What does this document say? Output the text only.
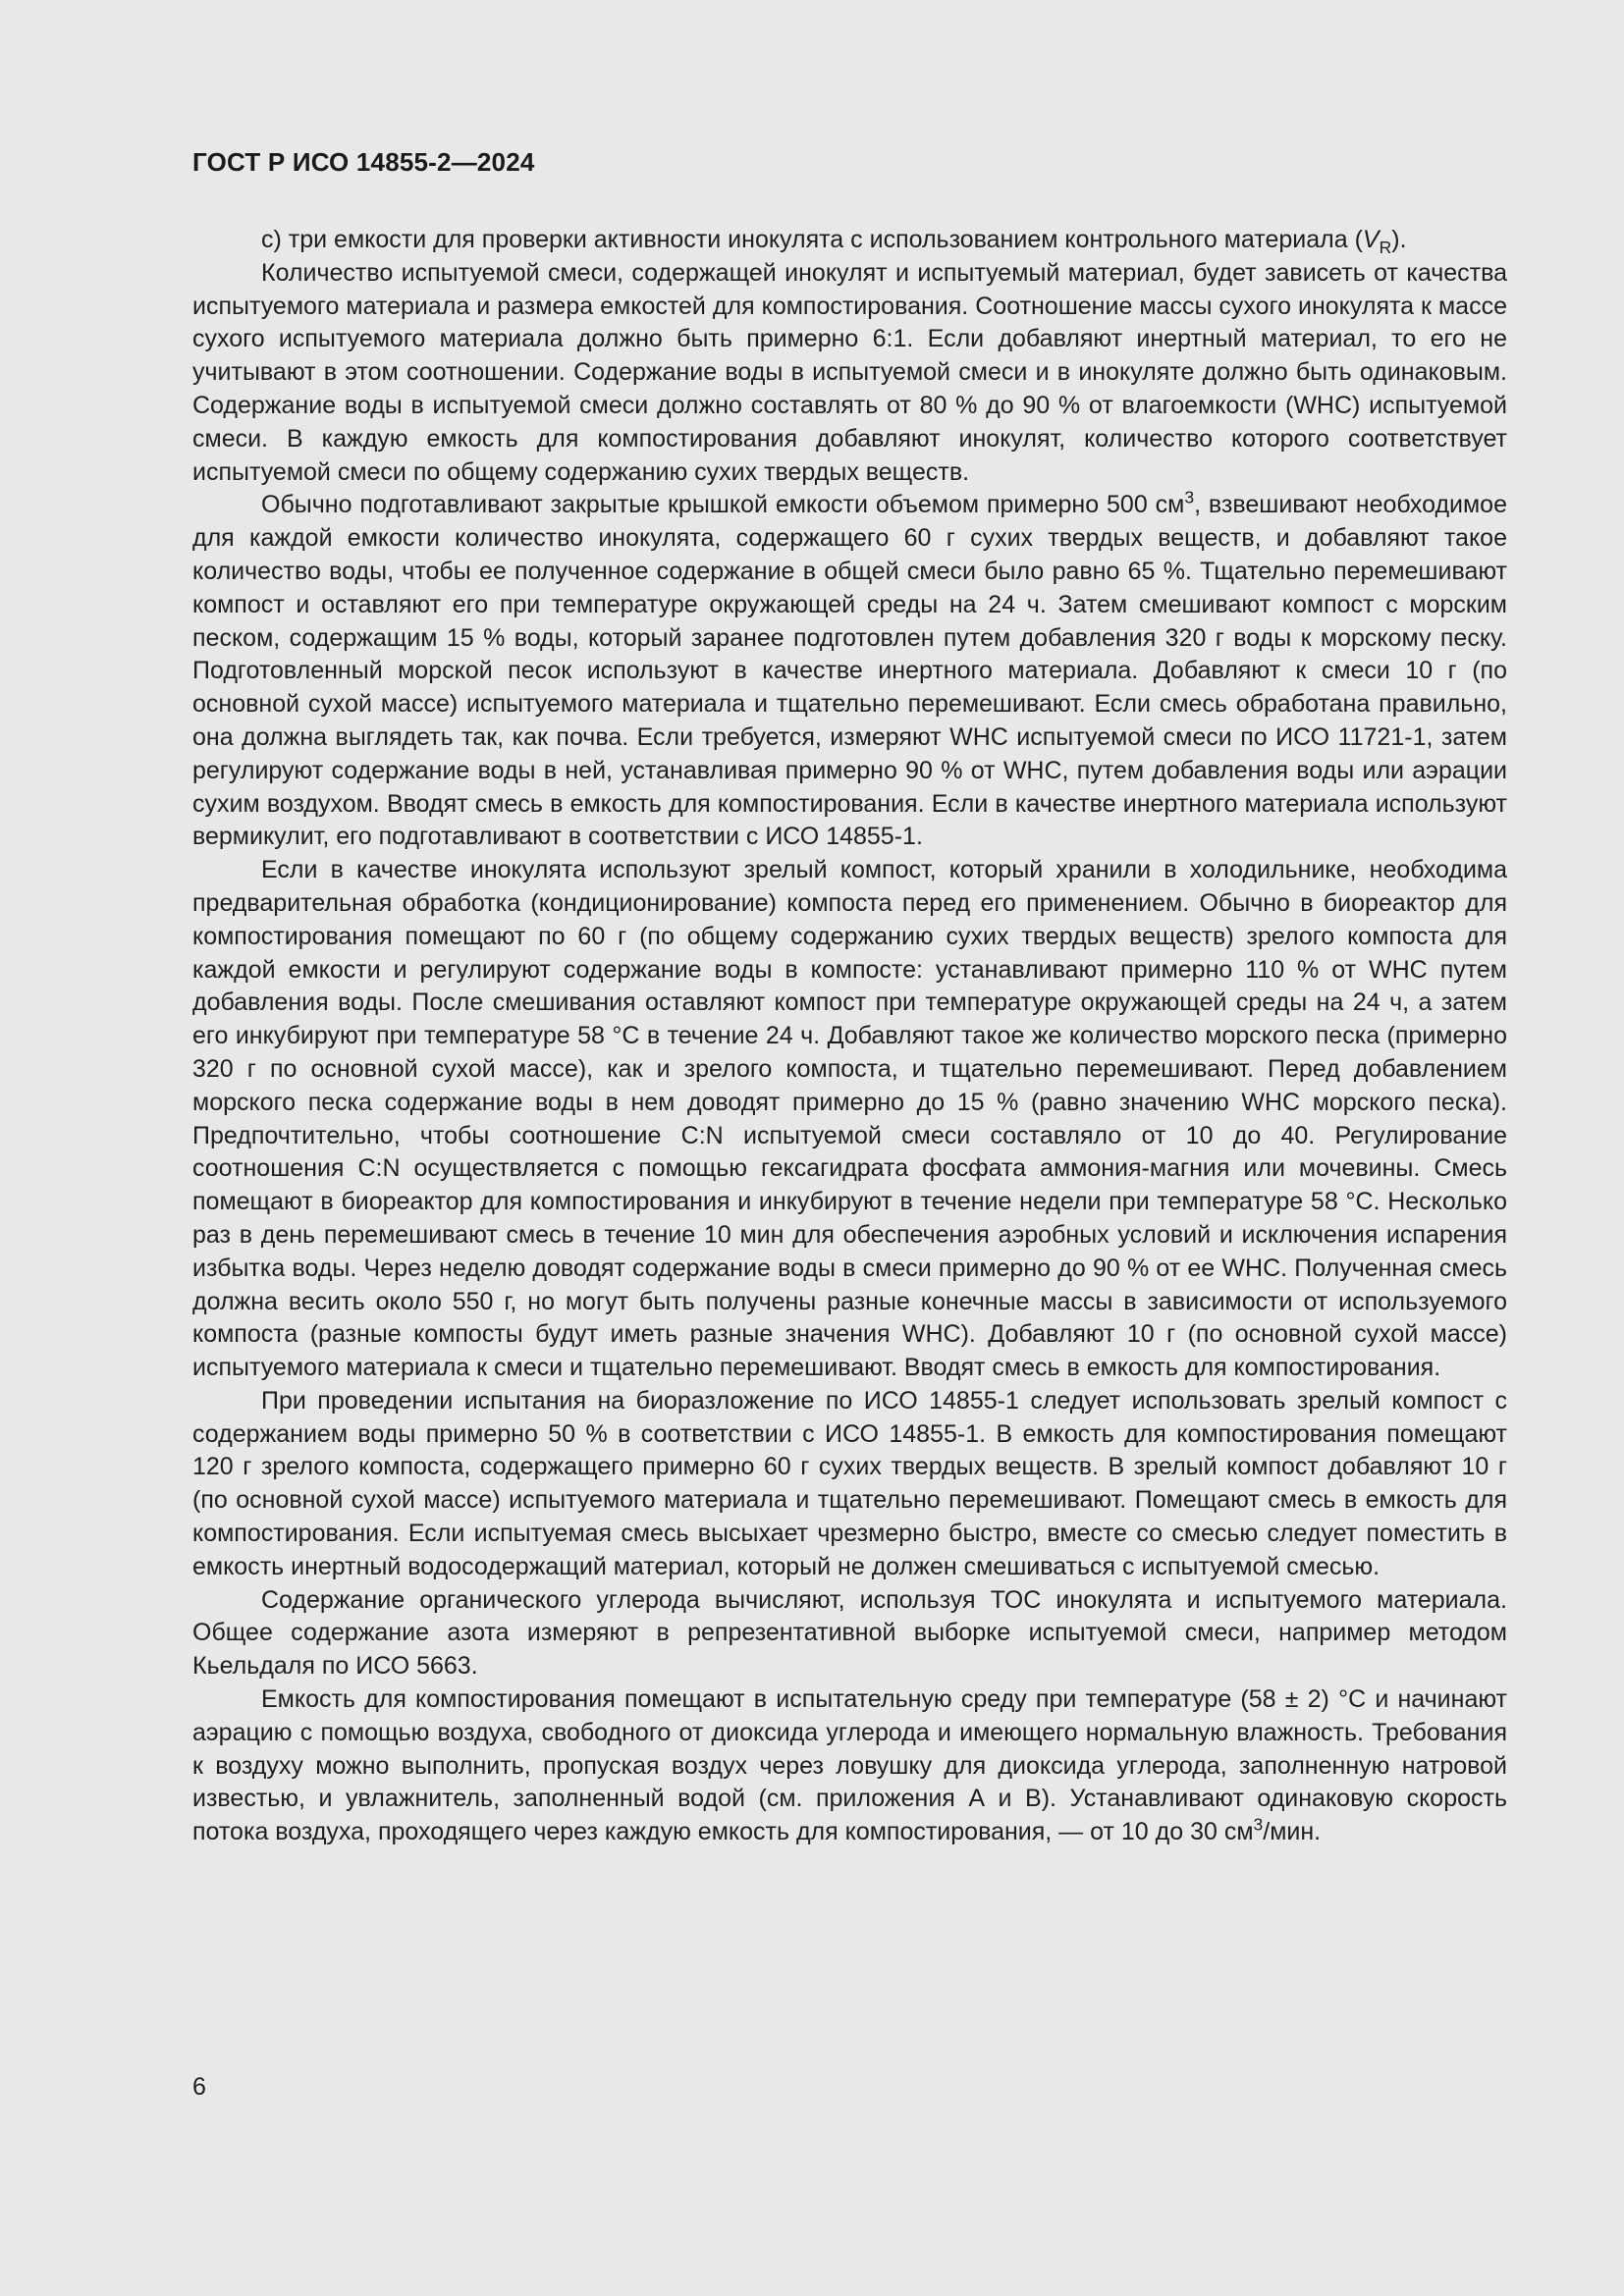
ГОСТ Р ИСО 14855-2—2024

c) три емкости для проверки активности инокулята с использованием контрольного материала $(V_R)$.

Количество испытуемой смеси, содержащей инокулят и испытуемый материал, будет зависеть от качества испытуемого материала и размера емкостей для компостирования. Соотношение массы сухого инокулята к массе сухого испытуемого материала должно быть примерно 6:1. Если добавляют инертный материал, то его не учитывают в этом соотношении. Содержание воды в испытуемой смеси и в инокуляте должно быть одинаковым. Содержание воды в испытуемой смеси должно составлять от 80 % до 90 % от влагоемкости (WHC) испытуемой смеси. В каждую емкость для компостирования добавляют инокулят, количество которого соответствует испытуемой смеси по общему содержанию сухих твердых веществ.

Обычно подготавливают закрытые крышкой емкости объемом примерно 500 $см^3$, взвешивают необходимое для каждой емкости количество инокулята, содержащего 60 г сухих твердых веществ, и добавляют такое количество воды, чтобы ее полученное содержание в общей смеси было равно 65 %. Тщательно перемешивают компост и оставляют его при температуре окружающей среды на 24 ч. Затем смешивают компост с морским песком, содержащим 15 % воды, который заранее подготовлен путем добавления 320 г воды к морскому песку. Подготовленный морской песок используют в качестве инертного материала. Добавляют к смеси 10 г (по основной сухой массе) испытуемого материала и тщательно перемешивают. Если смесь обработана правильно, она должна выглядеть так, как почва. Если требуется, измеряют WHC испытуемой смеси по ИСО 11721-1, затем регулируют содержание воды в ней, устанавливая примерно 90 % от WHC, путем добавления воды или аэрации сухим воздухом. Вводят смесь в емкость для компостирования. Если в качестве инертного материала используют вермикулит, его подготавливают в соответствии с ИСО 14855-1.

Если в качестве инокулята используют зрелый компост, который хранили в холодильнике, необходима предварительная обработка (кондиционирование) компоста перед его применением. Обычно в биореактор для компостирования помещают по 60 г (по общему содержанию сухих твердых веществ) зрелого компоста для каждой емкости и регулируют содержание воды в компосте: устанавливают примерно 110 % от WHC путем добавления воды. После смешивания оставляют компост при температуре окружающей среды на 24 ч, а затем его инкубируют при температуре 58 °С в течение 24 ч. Добавляют такое же количество морского песка (примерно 320 г по основной сухой массе), как и зрелого компоста, и тщательно перемешивают. Перед добавлением морского песка содержание воды в нем доводят примерно до 15 % (равно значению WHC морского песка). Предпочтительно, чтобы соотношение С:N испытуемой смеси составляло от 10 до 40. Регулирование соотношения С:N осуществляется с помощью гексагидрата фосфата аммония-магния или мочевины. Смесь помещают в биореактор для компостирования и инкубируют в течение недели при температуре 58 °С. Несколько раз в день перемешивают смесь в течение 10 мин для обеспечения аэробных условий и исключения испарения избытка воды. Через неделю доводят содержание воды в смеси примерно до 90 % от ее WHC. Полученная смесь должна весить около 550 г, но могут быть получены разные конечные массы в зависимости от используемого компоста (разные компосты будут иметь разные значения WHC). Добавляют 10 г (по основной сухой массе) испытуемого материала к смеси и тщательно перемешивают. Вводят смесь в емкость для компостирования.

При проведении испытания на биоразложение по ИСО 14855-1 следует использовать зрелый компост с содержанием воды примерно 50 % в соответствии с ИСО 14855-1. В емкость для компостирования помещают 120 г зрелого компоста, содержащего примерно 60 г сухих твердых веществ. В зрелый компост добавляют 10 г (по основной сухой массе) испытуемого материала и тщательно перемешивают. Помещают смесь в емкость для компостирования. Если испытуемая смесь высыхает чрезмерно быстро, вместе со смесью следует поместить в емкость инертный водосодержащий материал, который не должен смешиваться с испытуемой смесью.

Содержание органического углерода вычисляют, используя ТОС инокулята и испытуемого материала. Общее содержание азота измеряют в репрезентативной выборке испытуемой смеси, например методом Кьельдаля по ИСО 5663.

Емкость для компостирования помещают в испытательную среду при температуре (58 ± 2) °С и начинают аэрацию с помощью воздуха, свободного от диоксида углерода и имеющего нормальную влажность. Требования к воздуху можно выполнить, пропуская воздух через ловушку для диоксида углерода, заполненную натровой известью, и увлажнитель, заполненный водой (см. приложения А и В). Устанавливают одинаковую скорость потока воздуха, проходящего через каждую емкость для компостирования, — от 10 до 30 $см^3$/мин.

6
